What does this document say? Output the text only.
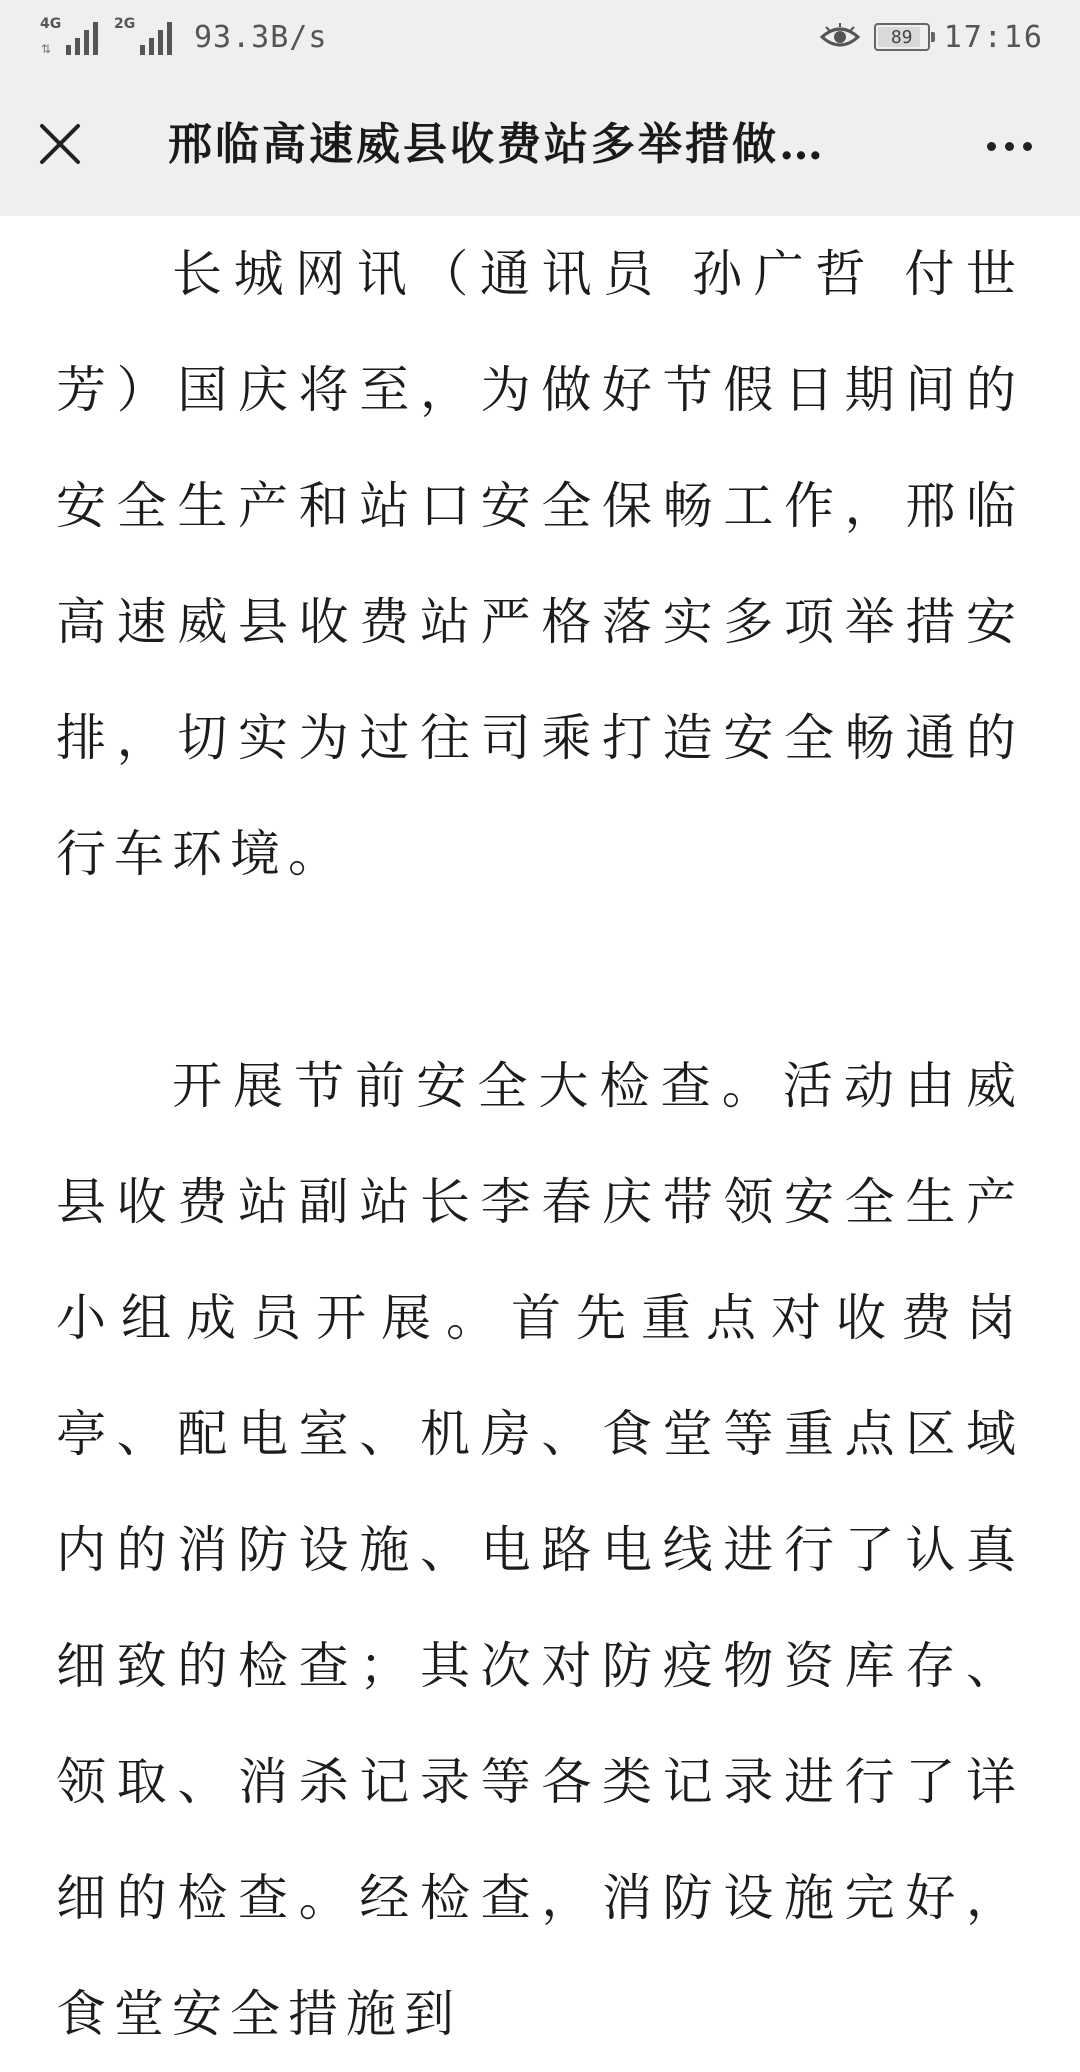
4G
⇅
2G 93.3B/s	89 17:16
邢临高速威县收费站多举措做…

长城网讯（通讯员 孙广哲 付世芳）国庆将至，为做好节假日期间的安全生产和站口安全保畅工作，邢临高速威县收费站严格落实多项举措安排，切实为过往司乘打造安全畅通的行车环境。

开展节前安全大检查。活动由威县收费站副站长李春庆带领安全生产小组成员开展。首先重点对收费岗亭、配电室、机房、食堂等重点区域内的消防设施、电路电线进行了认真细致的检查；其次对防疫物资库存、领取、消杀记录等各类记录进行了详细的检查。经检查，消防设施完好，食堂安全措施到
